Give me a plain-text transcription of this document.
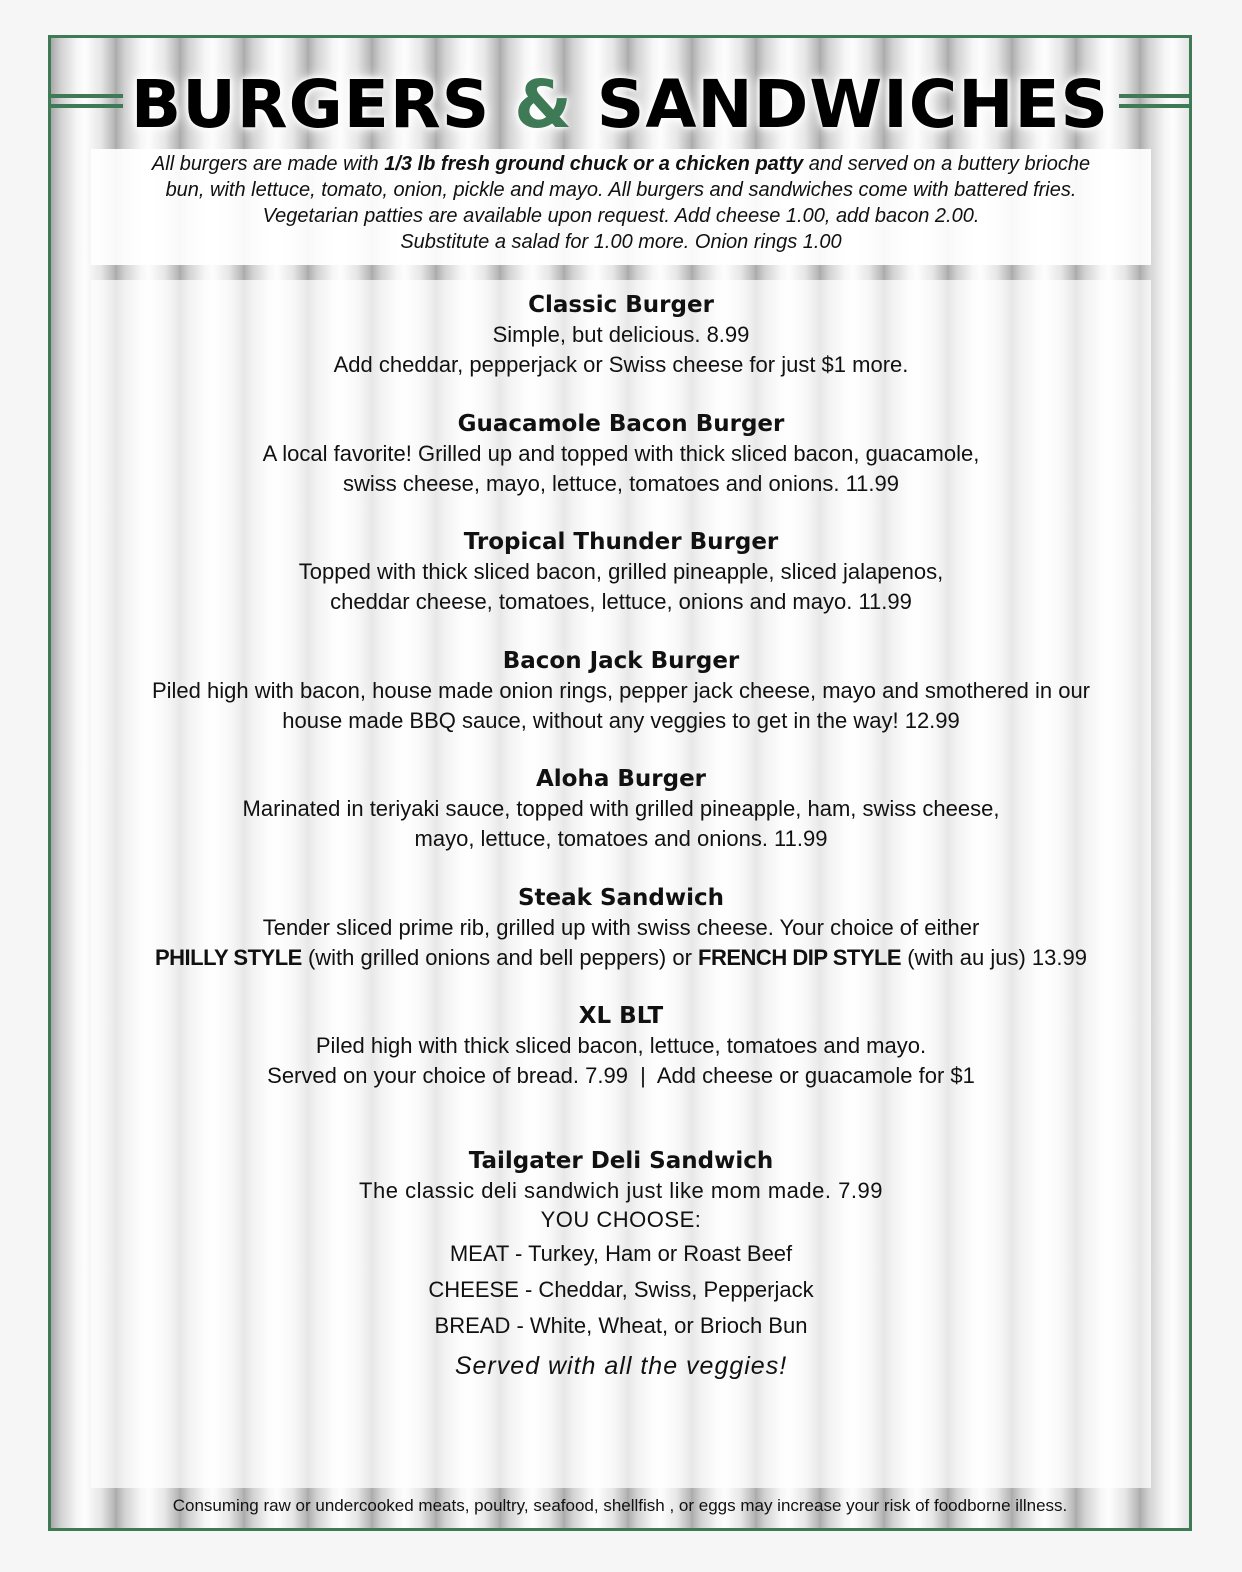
BURGERS & SANDWICHES
All burgers are made with 1/3 lb fresh ground chuck or a chicken patty and served on a buttery brioche
bun, with lettuce, tomato, onion, pickle and mayo. All burgers and sandwiches come with battered fries.
Vegetarian patties are available upon request. Add cheese 1.00, add bacon 2.00.
Substitute a salad for 1.00 more. Onion rings 1.00
Classic Burger
Simple, but delicious. 8.99
Add cheddar, pepperjack or Swiss cheese for just $1 more.
Guacamole Bacon Burger
A local favorite! Grilled up and topped with thick sliced bacon, guacamole,
swiss cheese, mayo, lettuce, tomatoes and onions. 11.99
Tropical Thunder Burger
Topped with thick sliced bacon, grilled pineapple, sliced jalapenos,
cheddar cheese, tomatoes, lettuce, onions and mayo. 11.99
Bacon Jack Burger
Piled high with bacon, house made onion rings, pepper jack cheese, mayo and smothered in our
house made BBQ sauce, without any veggies to get in the way! 12.99
Aloha Burger
Marinated in teriyaki sauce, topped with grilled pineapple, ham, swiss cheese,
mayo, lettuce, tomatoes and onions. 11.99
Steak Sandwich
Tender sliced prime rib, grilled up with swiss cheese. Your choice of either
PHILLY STYLE (with grilled onions and bell peppers) or FRENCH DIP STYLE (with au jus) 13.99
XL BLT
Piled high with thick sliced bacon, lettuce, tomatoes and mayo.
Served on your choice of bread. 7.99  |  Add cheese or guacamole for $1
Tailgater Deli Sandwich
The classic deli sandwich just like mom made. 7.99
YOU CHOOSE:
MEAT - Turkey, Ham or Roast Beef
CHEESE - Cheddar, Swiss, Pepperjack
BREAD - White, Wheat, or Brioch Bun
Served with all the veggies!
Consuming raw or undercooked meats, poultry, seafood, shellfish , or eggs may increase your risk of foodborne illness.
